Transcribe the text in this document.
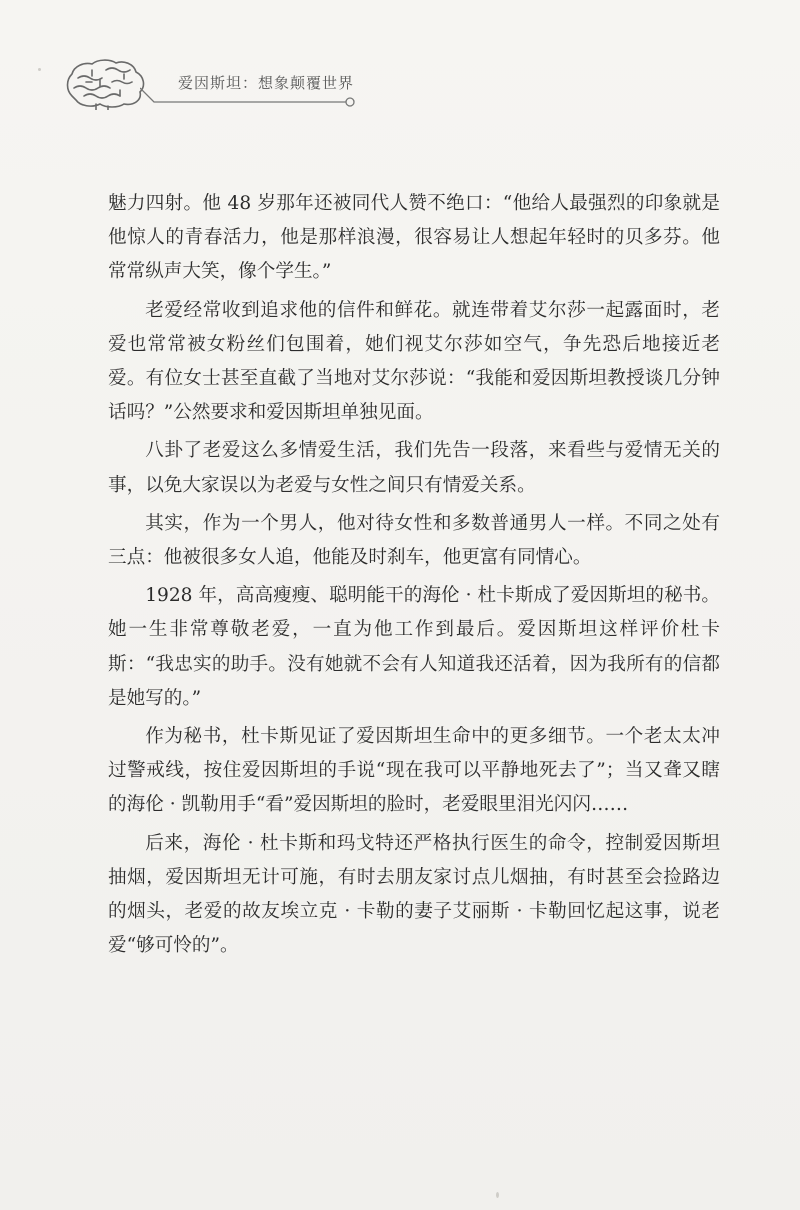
爱因斯坦：想象颠覆世界

魅力四射。他 48 岁那年还被同代人赞不绝口：“他给人最强烈的印象就是他惊人的青春活力，他是那样浪漫，很容易让人想起年轻时的贝多芬。他常常纵声大笑，像个学生。”

老爱经常收到追求他的信件和鲜花。就连带着艾尔莎一起露面时，老爱也常常被女粉丝们包围着，她们视艾尔莎如空气，争先恐后地接近老爱。有位女士甚至直截了当地对艾尔莎说：“我能和爱因斯坦教授谈几分钟话吗？”公然要求和爱因斯坦单独见面。

八卦了老爱这么多情爱生活，我们先告一段落，来看些与爱情无关的事，以免大家误以为老爱与女性之间只有情爱关系。

其实，作为一个男人，他对待女性和多数普通男人一样。不同之处有三点：他被很多女人追，他能及时刹车，他更富有同情心。

1928 年，高高瘦瘦、聪明能干的海伦 · 杜卡斯成了爱因斯坦的秘书。她一生非常尊敬老爱，一直为他工作到最后。爱因斯坦这样评价杜卡斯：“我忠实的助手。没有她就不会有人知道我还活着，因为我所有的信都是她写的。”

作为秘书，杜卡斯见证了爱因斯坦生命中的更多细节。一个老太太冲过警戒线，按住爱因斯坦的手说“现在我可以平静地死去了”；当又聋又瞎的海伦 · 凯勒用手“看”爱因斯坦的脸时，老爱眼里泪光闪闪……

后来，海伦 · 杜卡斯和玛戈特还严格执行医生的命令，控制爱因斯坦抽烟，爱因斯坦无计可施，有时去朋友家讨点儿烟抽，有时甚至会捡路边的烟头，老爱的故友埃立克 · 卡勒的妻子艾丽斯 · 卡勒回忆起这事，说老爱“够可怜的”。
